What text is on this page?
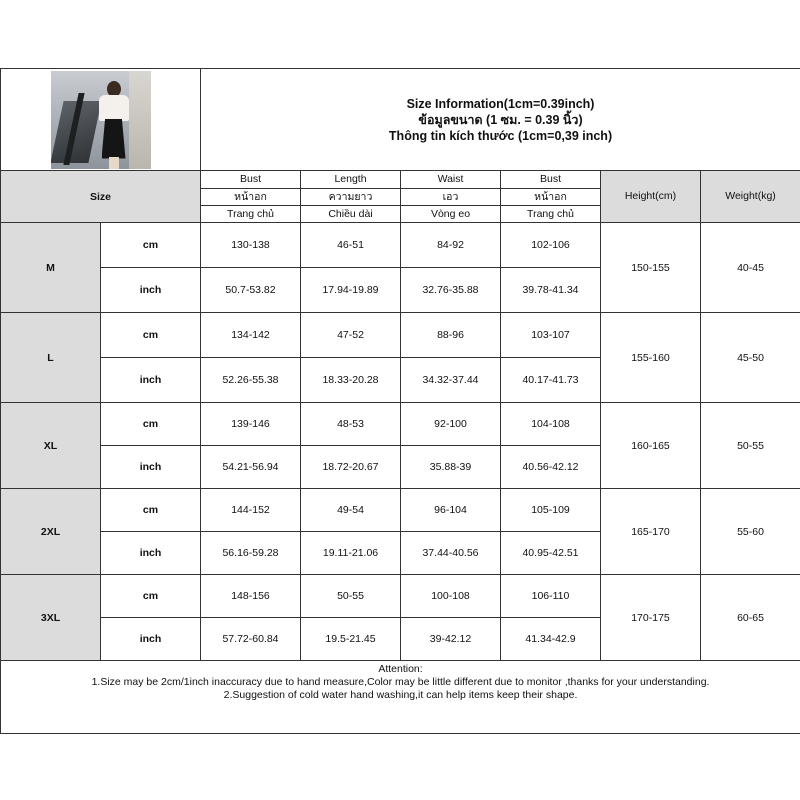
		Size Information(1cm=0.39inch)
ข้อมูลขนาด (1 ซม. = 0.39 นิ้ว)
Thông tin kích thước (1cm=0,39 inch)					

Size		Bust	Length	Waist	Bust	Height(cm)	Weight(kg)
		หน้าอก	ความยาว	เอว	หน้าอก		
		Trang chủ	Chiều dài	Vòng eo	Trang chủ		
M	cm	130-138	46-51	84-92	102-106	150-155	40-45
	inch	50.7-53.82	17.94-19.89	32.76-35.88	39.78-41.34		
L	cm	134-142	47-52	88-96	103-107	155-160	45-50
	inch	52.26-55.38	18.33-20.28	34.32-37.44	40.17-41.73		
XL	cm	139-146	48-53	92-100	104-108	160-165	50-55
	inch	54.21-56.94	18.72-20.67	35.88-39	40.56-42.12		
2XL	cm	144-152	49-54	96-104	105-109	165-170	55-60
	inch	56.16-59.28	19.11-21.06	37.44-40.56	40.95-42.51		
3XL	cm	148-156	50-55	100-108	106-110	170-175	60-65
	inch	57.72-60.84	19.5-21.45	39-42.12	41.34-42.9		

Attention:
1.Size may be 2cm/1inch inaccuracy due to hand measure,Color may be little different due to monitor ,thanks for your understanding.
2.Suggestion of cold water hand washing,it can help items keep their shape.							
